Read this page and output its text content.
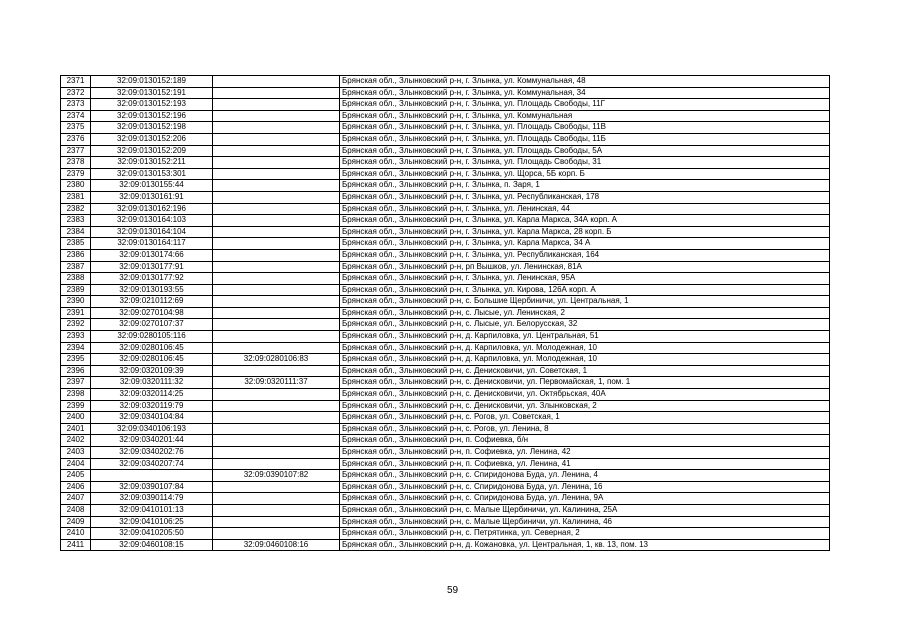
2371	32:09:0130152:189		Брянская обл., Злынковский р-н, г. Злынка, ул. Коммунальная, 48
2372	32:09:0130152:191		Брянская обл., Злынковский р-н, г. Злынка, ул. Коммунальная, 34
2373	32:09:0130152:193		Брянская обл., Злынковский р-н, г. Злынка, ул. Площадь Свободы, 11Г
2374	32:09:0130152:196		Брянская обл., Злынковский р-н, г. Злынка, ул. Коммунальная
2375	32:09:0130152:198		Брянская обл., Злынковский р-н, г. Злынка, ул. Площадь Свободы, 11В
2376	32:09:0130152:206		Брянская обл., Злынковский р-н, г. Злынка, ул. Площадь Свободы, 11Б
2377	32:09:0130152:209		Брянская обл., Злынковский р-н, г. Злынка, ул. Площадь Свободы, 5А
2378	32:09:0130152:211		Брянская обл., Злынковский р-н, г. Злынка, ул. Площадь Свободы, 31
2379	32:09:0130153:301		Брянская обл., Злынковский р-н, г. Злынка, ул. Щорса, 5Б корп. Б
2380	32:09:0130155:44		Брянская обл., Злынковский р-н, г. Злынка, п. Заря, 1
2381	32:09:0130161:91		Брянская обл., Злынковский р-н, г. Злынка, ул. Республиканская, 178
2382	32:09:0130162:196		Брянская обл., Злынковский р-н, г. Злынка, ул. Ленинская, 44
2383	32:09:0130164:103		Брянская обл., Злынковский р-н, г. Злынка, ул. Карла Маркса, 34А корп. А
2384	32:09:0130164:104		Брянская обл., Злынковский р-н, г. Злынка, ул. Карла Маркса, 28 корп. Б
2385	32:09:0130164:117		Брянская обл., Злынковский р-н, г. Злынка, ул. Карла Маркса, 34 А
2386	32:09:0130174:66		Брянская обл., Злынковский р-н, г. Злынка, ул. Республиканская, 164
2387	32:09:0130177:91		Брянская обл., Злынковский р-н, рп Вышков, ул. Ленинская, 81А
2388	32:09:0130177:92		Брянская обл., Злынковский р-н, г. Злынка, ул. Ленинская, 95А
2389	32:09:0130193:55		Брянская обл., Злынковский р-н, г. Злынка, ул. Кирова, 126А корп. А
2390	32:09:0210112:69		Брянская обл., Злынковский р-н, с. Большие Щербиничи, ул. Центральная, 1
2391	32:09:0270104:98		Брянская обл., Злынковский р-н, с. Лысые, ул. Ленинская, 2
2392	32:09:0270107:37		Брянская обл., Злынковский р-н, с. Лысые, ул. Белорусская, 32
2393	32:09:0280105:116		Брянская обл., Злынковский р-н, д. Карпиловка, ул. Центральная, 51
2394	32:09:0280106:45		Брянская обл., Злынковский р-н, д. Карпиловка, ул. Молодежная, 10
2395	32:09:0280106:45	32:09:0280106:83	Брянская обл., Злынковский р-н, д. Карпиловка, ул. Молодежная, 10
2396	32:09:0320109:39		Брянская обл., Злынковский р-н, с. Денисковичи, ул. Советская, 1
2397	32:09:0320111:32	32:09:0320111:37	Брянская обл., Злынковский р-н, с. Денисковичи, ул. Первомайская, 1, пом. 1
2398	32:09:0320114:25		Брянская обл., Злынковский р-н, с. Денисковичи, ул. Октябрьская, 40А
2399	32:09:0320119:79		Брянская обл., Злынковский р-н, с. Денисковичи, ул. Злынковская, 2
2400	32:09:0340104:84		Брянская обл., Злынковский р-н, с. Рогов, ул. Советская, 1
2401	32:09:0340106:193		Брянская обл., Злынковский р-н, с. Рогов, ул. Ленина, 8
2402	32:09:0340201:44		Брянская обл., Злынковский р-н, п. Софиевка, б/н
2403	32:09:0340202:76		Брянская обл., Злынковский р-н, п. Софиевка, ул. Ленина, 42
2404	32:09:0340207:74		Брянская обл., Злынковский р-н, п. Софиевка, ул. Ленина, 41
2405		32:09:0390107:82	Брянская обл., Злынковский р-н, с. Спиридонова Буда, ул. Ленина, 4
2406	32:09:0390107:84		Брянская обл., Злынковский р-н, с. Спиридонова Буда, ул. Ленина, 16
2407	32:09:0390114:79		Брянская обл., Злынковский р-н, с. Спиридонова Буда, ул. Ленина, 9А
2408	32:09:0410101:13		Брянская обл., Злынковский р-н, с. Малые Щербиничи, ул. Калинина, 25А
2409	32:09:0410106:25		Брянская обл., Злынковский р-н, с. Малые Щербиничи, ул. Калинина, 46
2410	32:09:0410205:50		Брянская обл., Злынковский р-н, с. Петрятинка, ул. Северная, 2
2411	32:09:0460108:15	32:09:0460108:16	Брянская обл., Злынковский р-н, д. Кожановка, ул. Центральная, 1, кв. 13, пом. 13
59
